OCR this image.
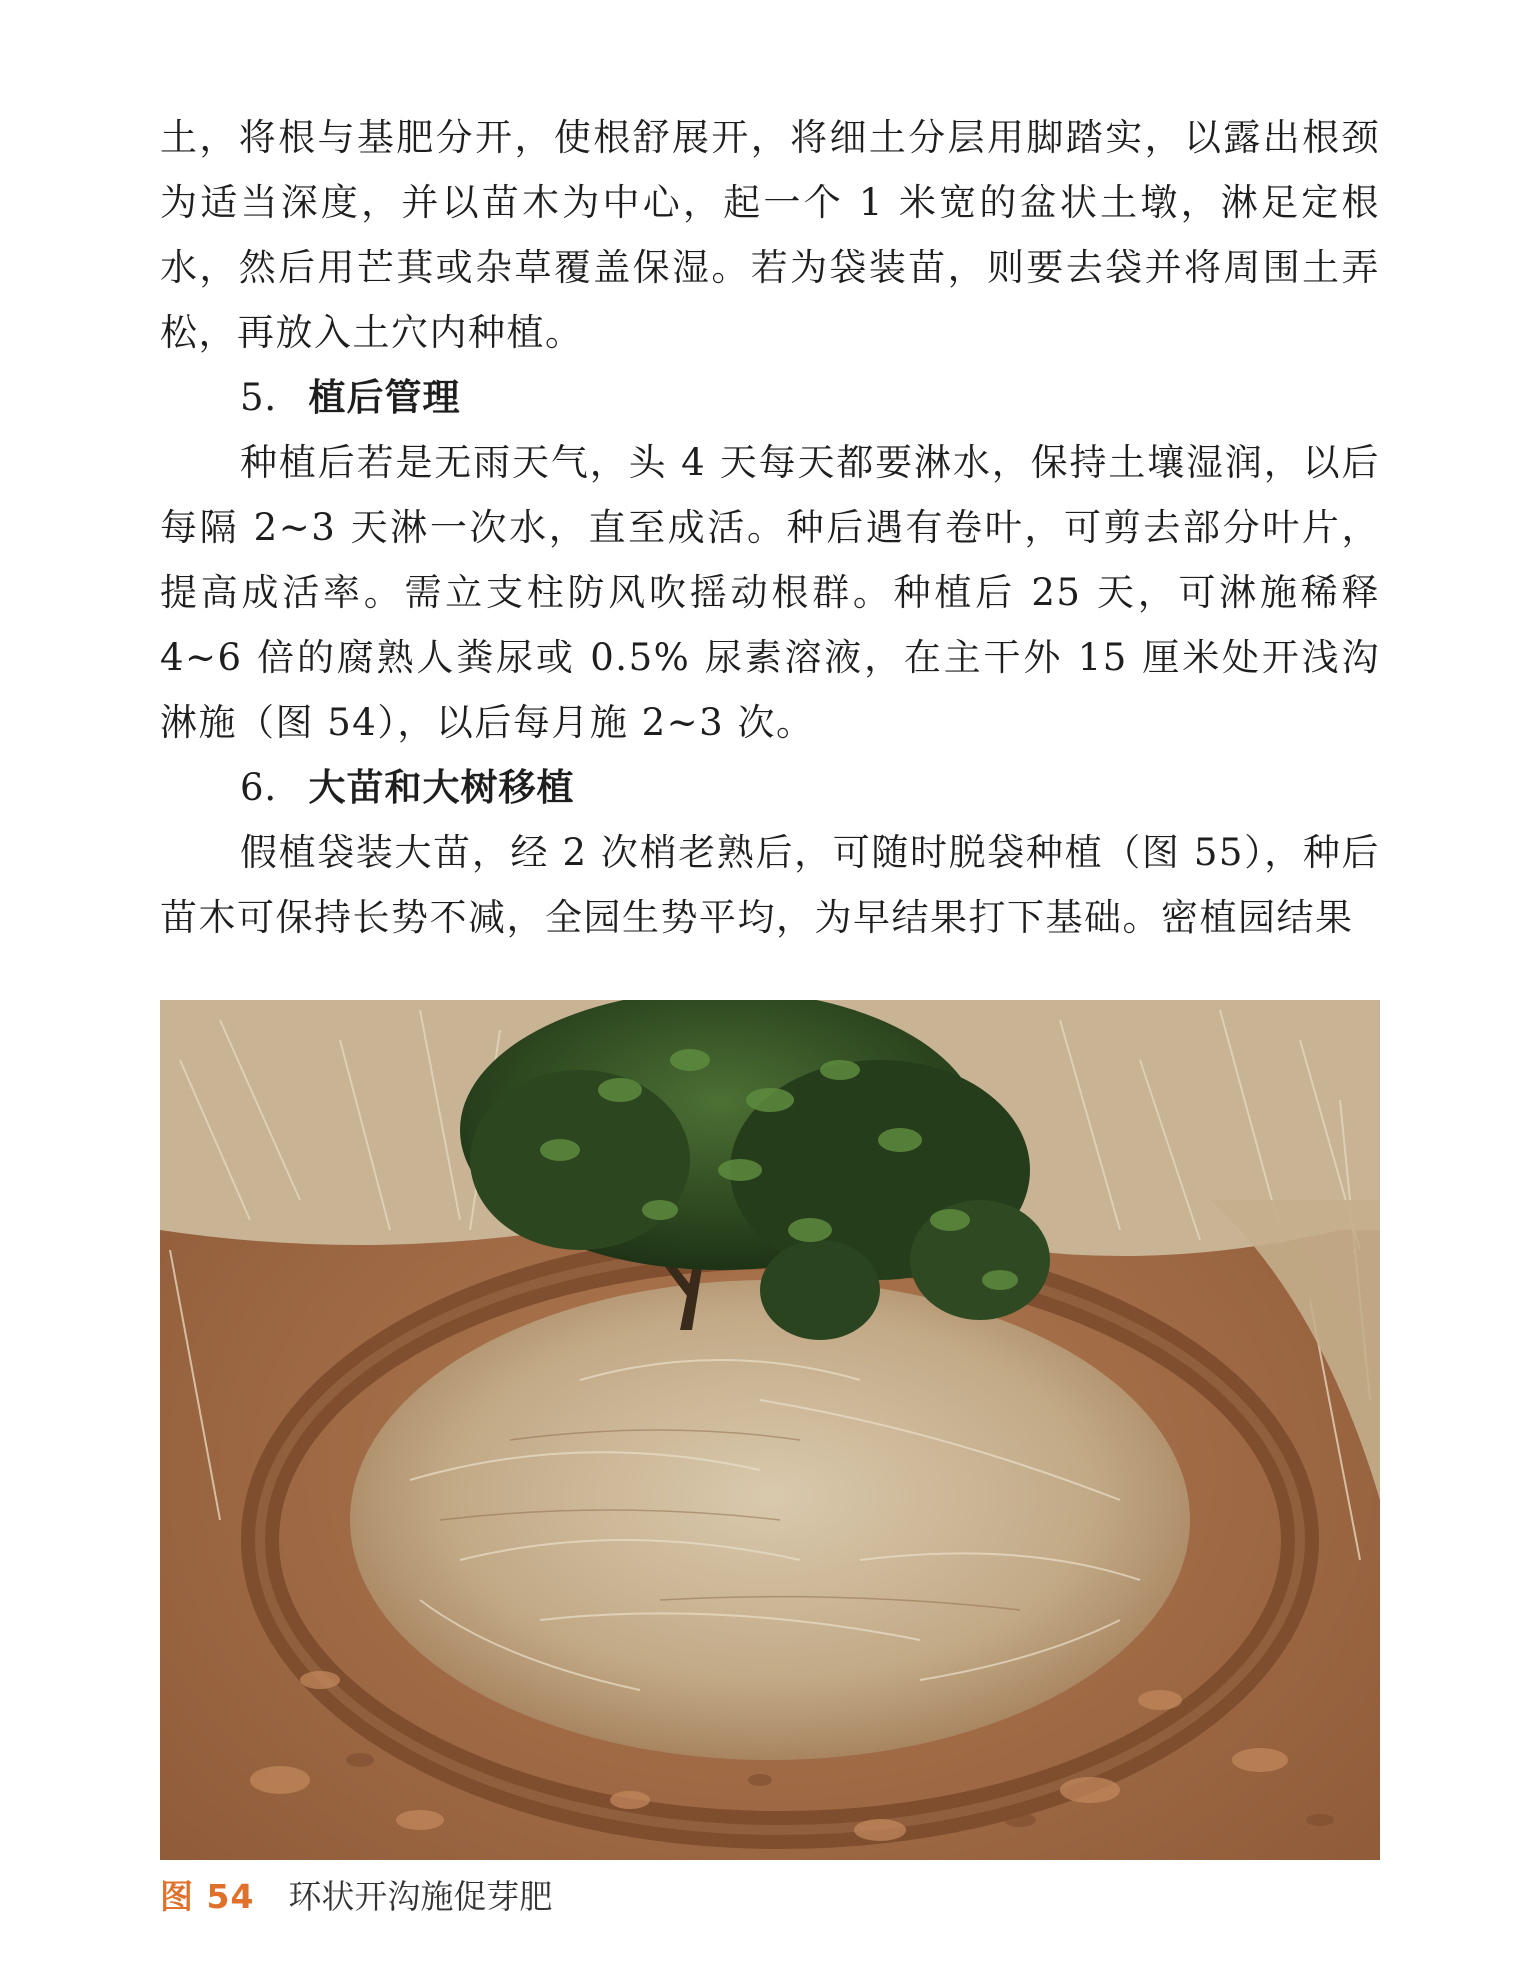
土，将根与基肥分开，使根舒展开，将细土分层用脚踏实，以露出根颈为适当深度，并以苗木为中心，起一个 1 米宽的盆状土墩，淋足定根水，然后用芒萁或杂草覆盖保湿。若为袋装苗，则要去袋并将周围土弄松，再放入土穴内种植。

5． 植后管理

种植后若是无雨天气，头 4 天每天都要淋水，保持土壤湿润，以后每隔 2~3 天淋一次水，直至成活。种后遇有卷叶，可剪去部分叶片，提高成活率。需立支柱防风吹摇动根群。种植后 25 天，可淋施稀释 4~6 倍的腐熟人粪尿或 0.5% 尿素溶液，在主干外 15 厘米处开浅沟淋施（图 54），以后每月施 2~3 次。

6． 大苗和大树移植

假植袋装大苗，经 2 次梢老熟后，可随时脱袋种植（图 55），种后苗木可保持长势不减，全园生势平均，为早结果打下基础。密植园结果

图 54 环状开沟施促芽肥
